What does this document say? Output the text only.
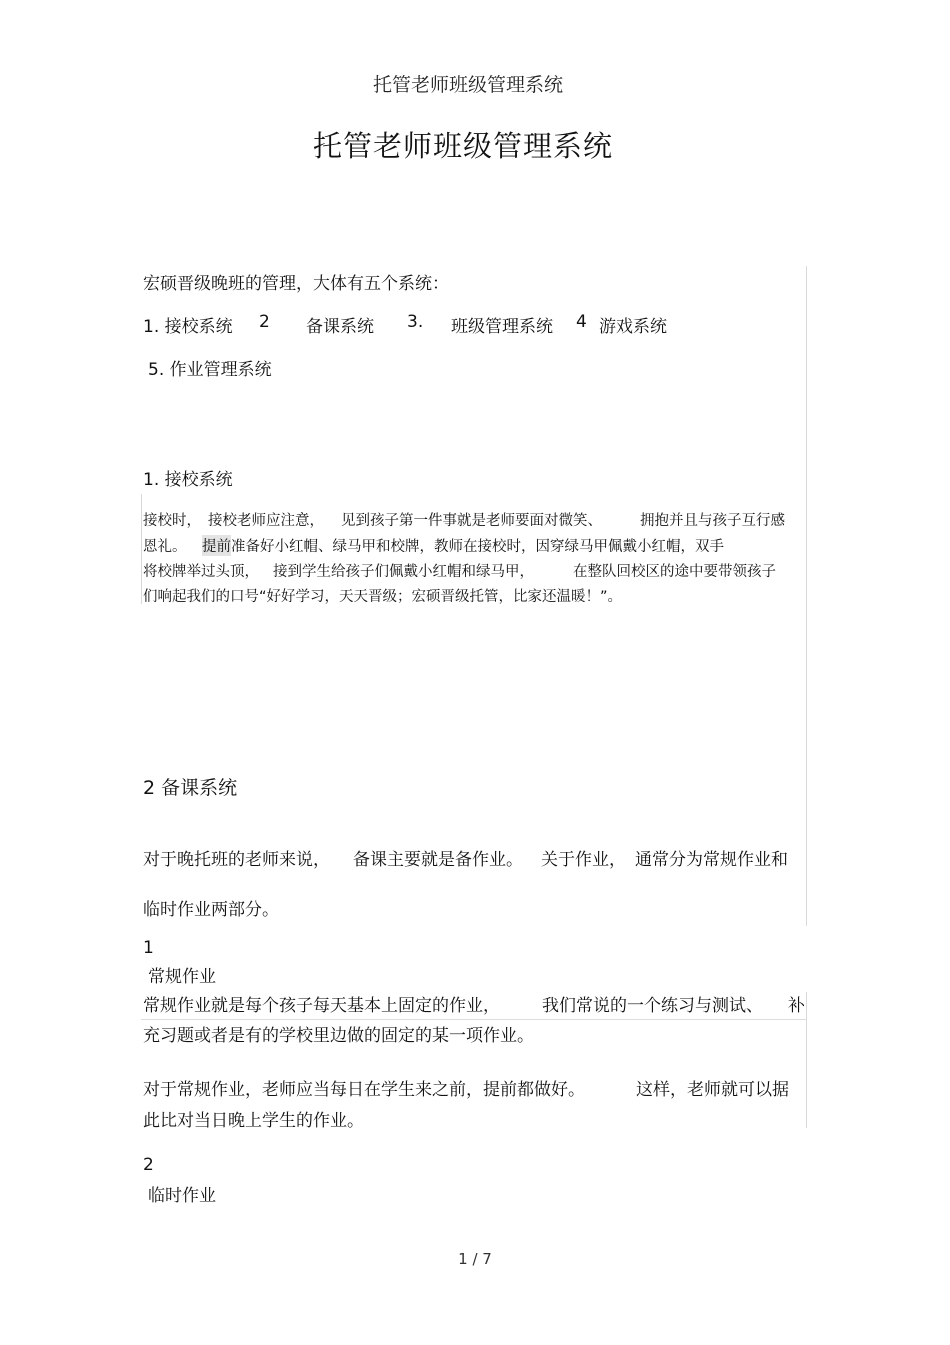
托管老师班级管理系统
托管老师班级管理系统
宏硕晋级晚班的管理，大体有五个系统：
1. 接校系统 2 备课系统 3. 班级管理系统 4 游戏系统
5. 作业管理系统
1. 接校系统
接校时， 接校老师应注意， 见到孩子第一件事就是老师要面对微笑、	拥抱并且与孩子互行感
恩礼。 提前 准备好小红帽、绿马甲和校牌，教师在接校时，因穿绿马甲佩戴小红帽，双手
将校牌举过头顶， 接到学生给孩子们佩戴小红帽和绿马甲，	在整队回校区的途中要带领孩子
们响起我们的口号“好好学习，天天晋级；宏硕晋级托管，比家还温暖！”。
2 备课系统
对于晚托班的老师来说， 备课主要就是备作业。 关于作业， 通常分为常规作业和
临时作业两部分。
1
常规作业
常规作业就是每个孩子每天基本上固定的作业， 我们常说的一个练习与测试、 补
充习题或者是有的学校里边做的固定的某一项作业。
对于常规作业，老师应当每日在学生来之前，提前都做好。	这样，老师就可以据
此比对当日晚上学生的作业。
2
临时作业
1 / 7
